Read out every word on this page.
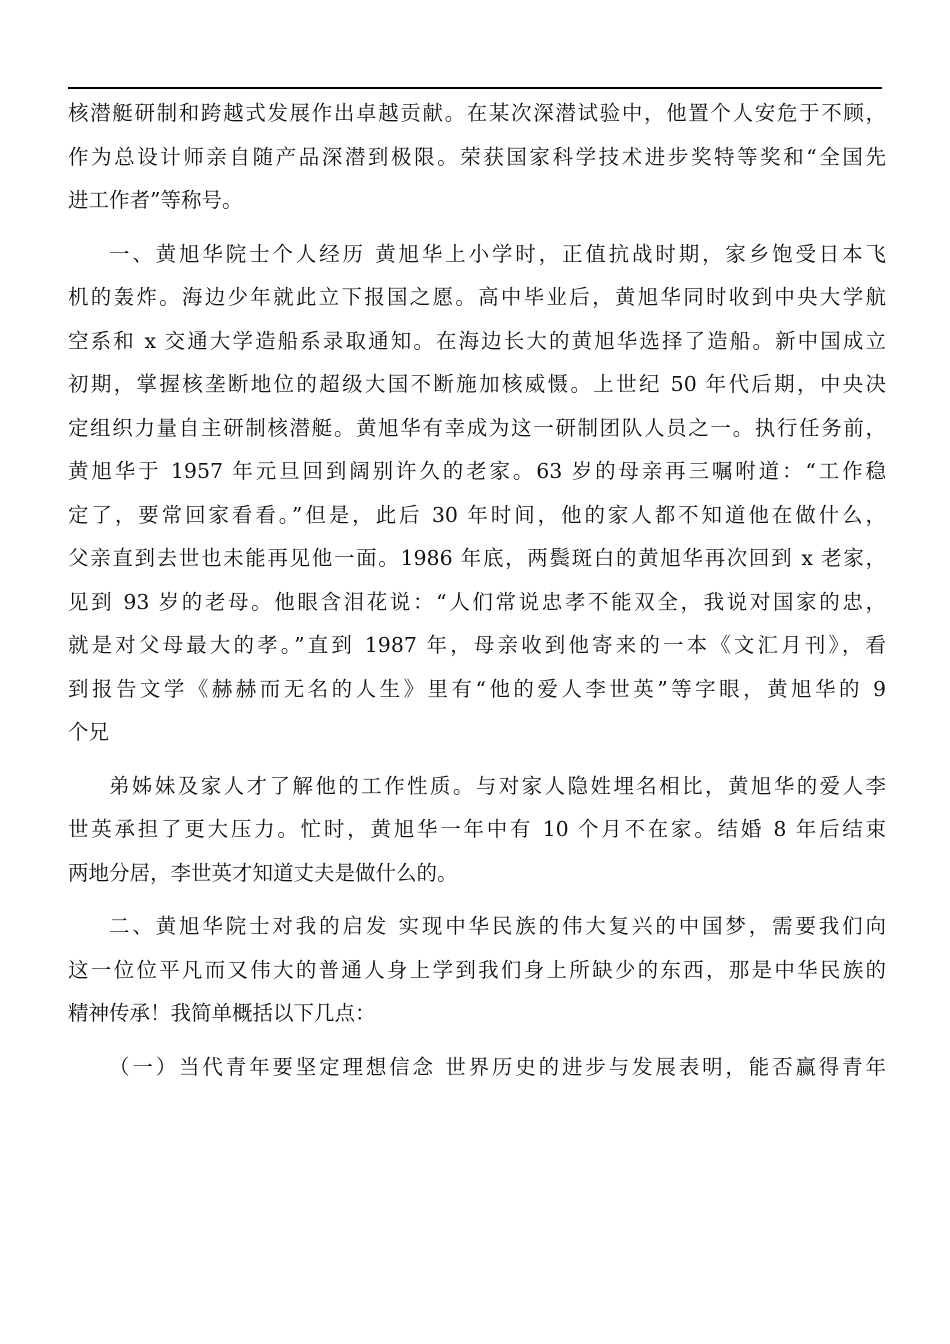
核潜艇研制和跨越式发展作出卓越贡献。在某次深潜试验中，他置个人安危于不顾，
作为总设计师亲自随产品深潜到极限。荣获国家科学技术进步奖特等奖和“全国先
进工作者”等称号。
一、黄旭华院士个人经历 黄旭华上小学时，正值抗战时期，家乡饱受日本飞
机的轰炸。海边少年就此立下报国之愿。高中毕业后，黄旭华同时收到中央大学航
空系和 x 交通大学造船系录取通知。在海边长大的黄旭华选择了造船。新中国成立
初期，掌握核垄断地位的超级大国不断施加核威慑。上世纪 50 年代后期，中央决
定组织力量自主研制核潜艇。黄旭华有幸成为这一研制团队人员之一。执行任务前，
黄旭华于 1957 年元旦回到阔别许久的老家。63 岁的母亲再三嘱咐道：“工作稳
定了，要常回家看看。”但是，此后 30 年时间，他的家人都不知道他在做什么，
父亲直到去世也未能再见他一面。1986 年底，两鬓斑白的黄旭华再次回到 x 老家，
见到 93 岁的老母。他眼含泪花说：“人们常说忠孝不能双全，我说对国家的忠，
就是对父母最大的孝。”直到 1987 年，母亲收到他寄来的一本《文汇月刊》，看
到报告文学《赫赫而无名的人生》里有“他的爱人李世英”等字眼，黄旭华的 9
个兄
弟姊妹及家人才了解他的工作性质。与对家人隐姓埋名相比，黄旭华的爱人李
世英承担了更大压力。忙时，黄旭华一年中有 10 个月不在家。结婚 8 年后结束
两地分居，李世英才知道丈夫是做什么的。
二、黄旭华院士对我的启发 实现中华民族的伟大复兴的中国梦，需要我们向
这一位位平凡而又伟大的普通人身上学到我们身上所缺少的东西，那是中华民族的
精神传承！我简单概括以下几点：
（一）当代青年要坚定理想信念 世界历史的进步与发展表明，能否赢得青年
